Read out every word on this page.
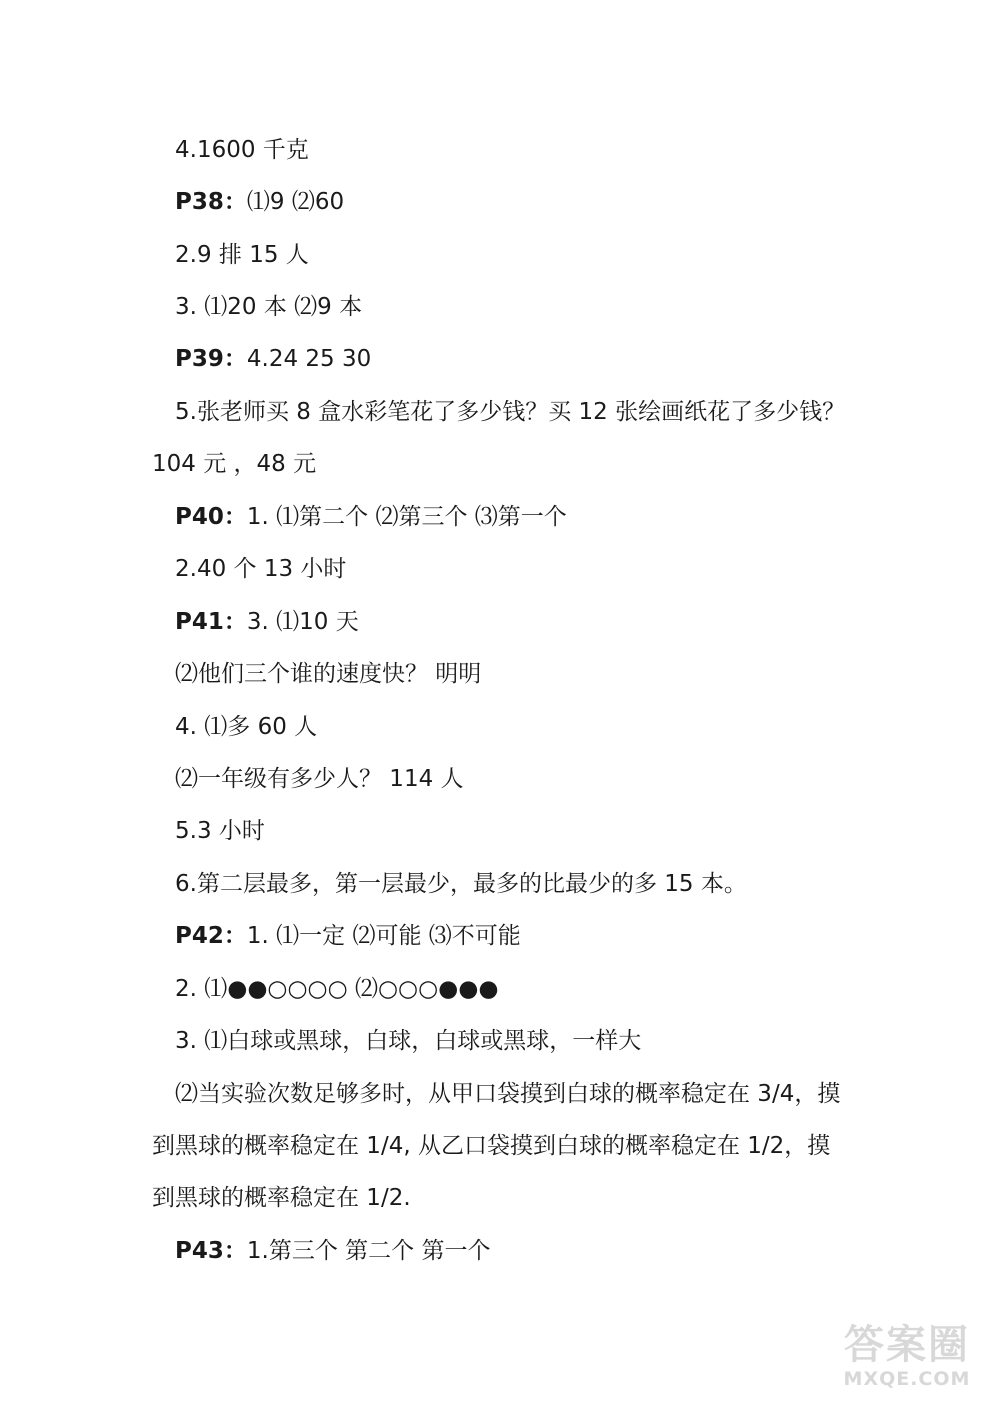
4.1600 千克
P38：⑴9 ⑵60
2.9 排 15 人
3. ⑴20 本 ⑵9 本
P39：4.24 25 30
5.张老师买 8 盒水彩笔花了多少钱？买 12 张绘画纸花了多少钱？
104 元 ，48 元
P40：1. ⑴第二个 ⑵第三个 ⑶第一个
2.40 个 13 小时
P41：3. ⑴10 天
⑵他们三个谁的速度快？ 明明
4. ⑴多 60 人
⑵一年级有多少人？ 114 人
5.3 小时
6.第二层最多，第一层最少，最多的比最少的多 15 本。
P42：1. ⑴一定 ⑵可能 ⑶不可能
2. ⑴●●○○○○ ⑵○○○●●●
3. ⑴白球或黑球，白球，白球或黑球，一样大
⑵当实验次数足够多时，从甲口袋摸到白球的概率稳定在 3/4，摸
到黑球的概率稳定在 1/4, 从乙口袋摸到白球的概率稳定在 1/2，摸
到黑球的概率稳定在 1/2.
P43：1.第三个 第二个 第一个
答案圈
MXQE.COM
